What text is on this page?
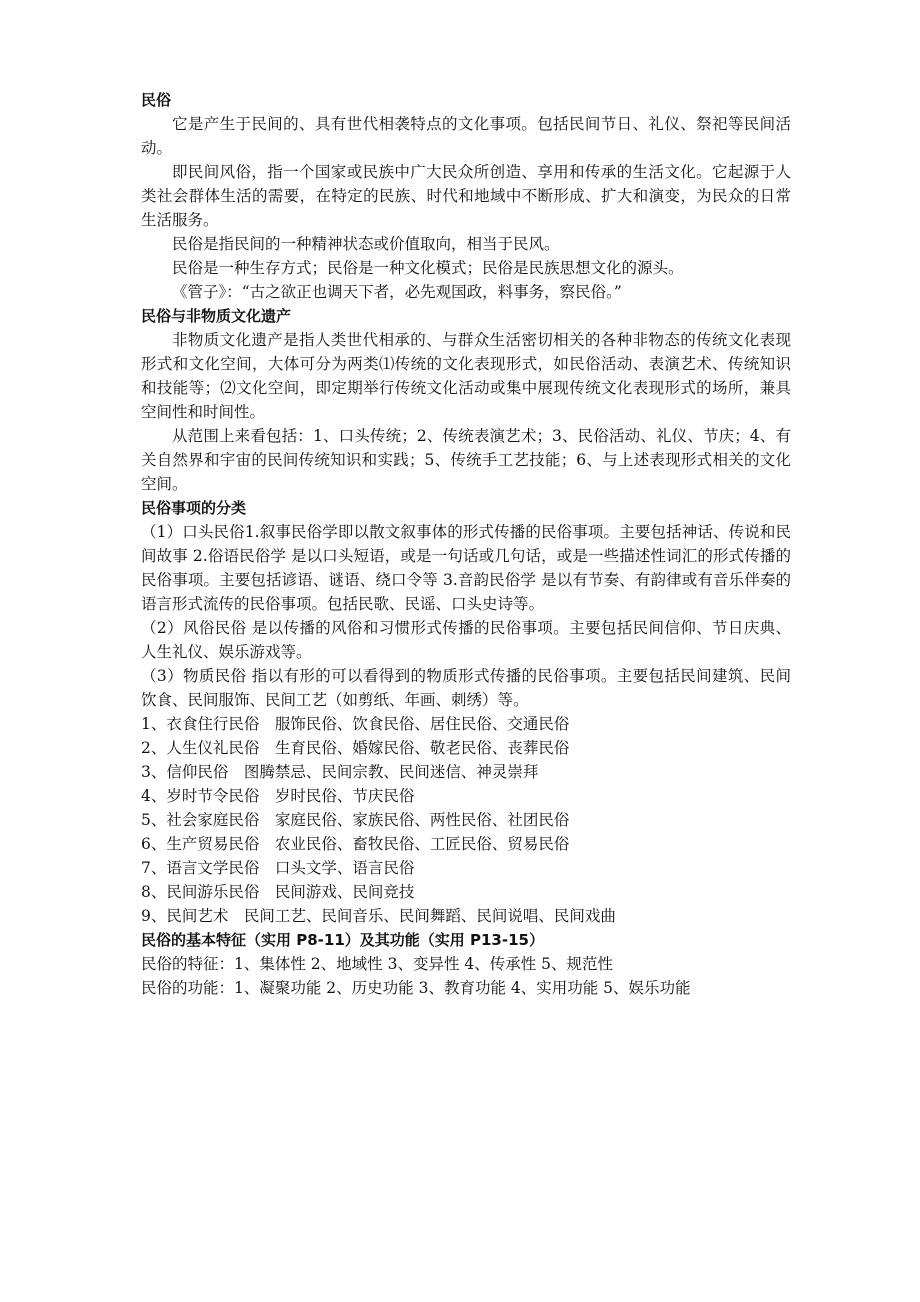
民俗

它是产生于民间的、具有世代相袭特点的文化事项。包括民间节日、礼仪、祭祀等民间活动。

即民间风俗，指一个国家或民族中广大民众所创造、享用和传承的生活文化。它起源于人类社会群体生活的需要，在特定的民族、时代和地域中不断形成、扩大和演变，为民众的日常生活服务。

民俗是指民间的一种精神状态或价值取向，相当于民风。

民俗是一种生存方式；民俗是一种文化模式；民俗是民族思想文化的源头。

《管子》：“古之欲正也调天下者，必先观国政，料事务，察民俗。”

民俗与非物质文化遗产

非物质文化遗产是指人类世代相承的、与群众生活密切相关的各种非物态的传统文化表现形式和文化空间，大体可分为两类⑴传统的文化表现形式，如民俗活动、表演艺术、传统知识和技能等；⑵文化空间，即定期举行传统文化活动或集中展现传统文化表现形式的场所，兼具空间性和时间性。

从范围上来看包括：1、口头传统；2、传统表演艺术；3、民俗活动、礼仪、节庆；4、有关自然界和宇宙的民间传统知识和实践；5、传统手工艺技能；6、与上述表现形式相关的文化空间。

民俗事项的分类

（1）口头民俗1.叙事民俗学即以散文叙事体的形式传播的民俗事项。主要包括神话、传说和民间故事 2.俗语民俗学 是以口头短语，或是一句话或几句话，或是一些描述性词汇的形式传播的民俗事项。主要包括谚语、谜语、绕口令等 3.音韵民俗学 是以有节奏、有韵律或有音乐伴奏的语言形式流传的民俗事项。包括民歌、民谣、口头史诗等。

（2）风俗民俗 是以传播的风俗和习惯形式传播的民俗事项。主要包括民间信仰、节日庆典、人生礼仪、娱乐游戏等。

（3）物质民俗 指以有形的可以看得到的物质形式传播的民俗事项。主要包括民间建筑、民间饮食、民间服饰、民间工艺（如剪纸、年画、刺绣）等。

1、衣食住行民俗　服饰民俗、饮食民俗、居住民俗、交通民俗

2、人生仪礼民俗　生育民俗、婚嫁民俗、敬老民俗、丧葬民俗

3、信仰民俗　图腾禁忌、民间宗教、民间迷信、神灵崇拜

4、岁时节令民俗　岁时民俗、节庆民俗

5、社会家庭民俗　家庭民俗、家族民俗、两性民俗、社团民俗

6、生产贸易民俗　农业民俗、畜牧民俗、工匠民俗、贸易民俗

7、语言文学民俗　口头文学、语言民俗

8、民间游乐民俗　民间游戏、民间竞技

9、民间艺术　民间工艺、民间音乐、民间舞蹈、民间说唱、民间戏曲

民俗的基本特征（实用 P8-11）及其功能（实用 P13-15）

民俗的特征：1、集体性 2、地域性 3、变异性 4、传承性 5、规范性

民俗的功能：1、凝聚功能 2、历史功能 3、教育功能 4、实用功能 5、娱乐功能
